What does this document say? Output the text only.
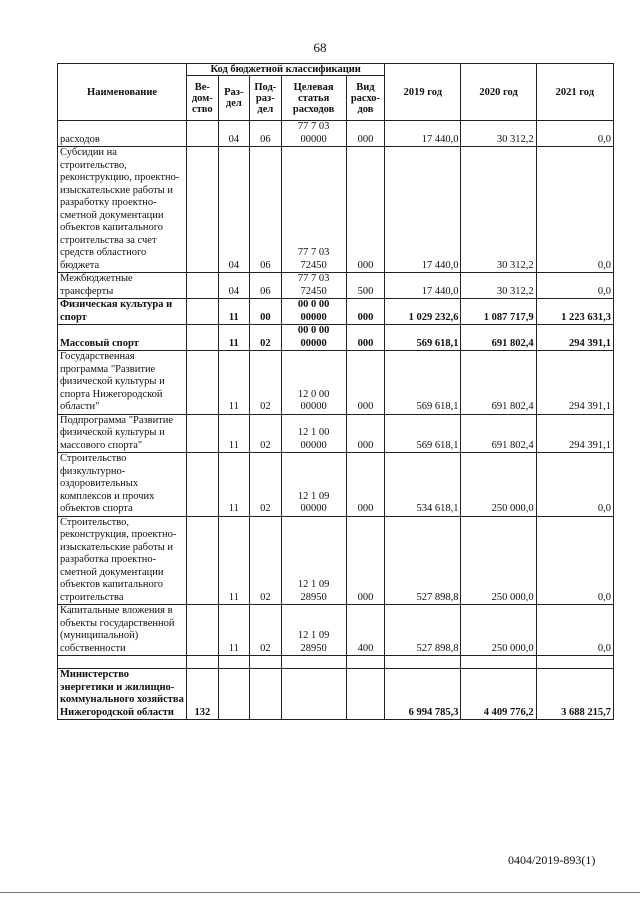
68
Наименование	Код бюджетной классификации					2019 год	2020 год	2021 год
	Ве-дом-ство	Раз-дел	Под-раз-дел	Целевая статья расходов	Вид расхо-дов			
расходов		04	06	77 7 03 00000	000	17 440,0	30 312,2	0,0
Субсидии на строительство, реконструкцию, проектно-изыскательские работы и разработку проектно-сметной документации объектов капитального строительства за счет средств областного бюджета		04	06	77 7 03 72450	000	17 440,0	30 312,2	0,0
Межбюджетные трансферты		04	06	77 7 03 72450	500	17 440,0	30 312,2	0,0
Физическая культура и спорт		11	00	00 0 00 00000	000	1 029 232,6	1 087 717,9	1 223 631,3
Массовый спорт		11	02	00 0 00 00000	000	569 618,1	691 802,4	294 391,1
Государственная программа "Развитие физической культуры и спорта Нижегородской области"		11	02	12 0 00 00000	000	569 618,1	691 802,4	294 391,1
Подпрограмма "Развитие физической культуры и массового спорта"		11	02	12 1 00 00000	000	569 618,1	691 802,4	294 391,1
Строительство физкультурно-оздоровительных комплексов и прочих объектов спорта		11	02	12 1 09 00000	000	534 618,1	250 000,0	0,0
Строительство, реконструкция, проектно-изыскательские работы и разработка проектно-сметной документации объектов капитального строительства		11	02	12 1 09 28950	000	527 898,8	250 000,0	0,0
Капитальные вложения в объекты государственной (муниципальной) собственности		11	02	12 1 09 28950	400	527 898,8	250 000,0	0,0

Министерство энергетики и жилищно-коммунального хозяйства Нижегородской области	132					6 994 785,3	4 409 776,2	3 688 215,7
0404/2019-893(1)
